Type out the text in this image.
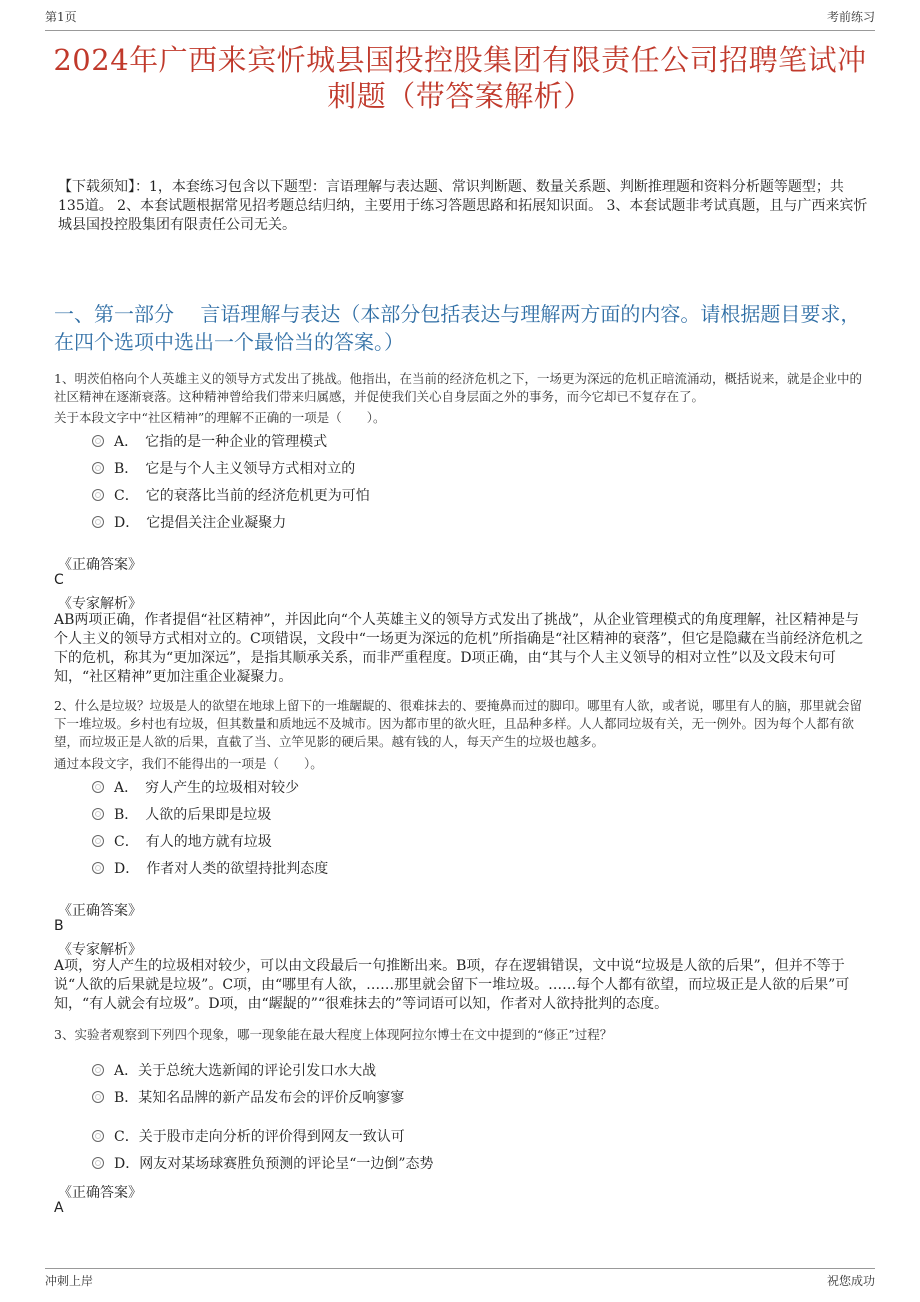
第1页	考前练习
2024年广西来宾忻城县国投控股集团有限责任公司招聘笔试冲刺题（带答案解析）
【下载须知】：1，本套练习包含以下题型：言语理解与表达题、常识判断题、数量关系题、判断推理题和资料分析题等题型；共135道。 2、本套试题根据常见招考题总结归纳，主要用于练习答题思路和拓展知识面。 3、本套试题非考试真题，且与广西来宾忻城县国投控股集团有限责任公司无关。
一、第一部分　 言语理解与表达（本部分包括表达与理解两方面的内容。请根据题目要求，在四个选项中选出一个最恰当的答案。）
1、明茨伯格向个人英雄主义的领导方式发出了挑战。他指出，在当前的经济危机之下，一场更为深远的危机正暗流涌动，概括说来，就是企业中的社区精神在逐渐衰落。这种精神曾给我们带来归属感，并促使我们关心自身层面之外的事务，而今它却已不复存在了。
关于本段文字中“社区精神”的理解不正确的一项是（　　）。
A．　它指的是一种企业的管理模式
B．　它是与个人主义领导方式相对立的
C．　它的衰落比当前的经济危机更为可怕
D．　它提倡关注企业凝聚力
《正确答案》
C
《专家解析》
AB两项正确，作者提倡“社区精神”，并因此向“个人英雄主义的领导方式发出了挑战”，从企业管理模式的角度理解，社区精神是与个人主义的领导方式相对立的。C项错误，文段中“一场更为深远的危机”所指确是“社区精神的衰落”，但它是隐藏在当前经济危机之下的危机，称其为“更加深远”，是指其顺承关系，而非严重程度。D项正确，由“其与个人主义领导的相对立性”以及文段末句可知，“社区精神”更加注重企业凝聚力。
2、什么是垃圾？垃圾是人的欲望在地球上留下的一堆龌龊的、很难抹去的、要掩鼻而过的脚印。哪里有人欲，或者说，哪里有人的脑，那里就会留下一堆垃圾。乡村也有垃圾，但其数量和质地远不及城市。因为都市里的欲火旺，且品种多样。人人都同垃圾有关，无一例外。因为每个人都有欲望，而垃圾正是人欲的后果，直截了当、立竿见影的硬后果。越有钱的人，每天产生的垃圾也越多。
通过本段文字，我们不能得出的一项是（　　）。
A．　穷人产生的垃圾相对较少
B．　人欲的后果即是垃圾
C．　有人的地方就有垃圾
D．　作者对人类的欲望持批判态度
《正确答案》
B
《专家解析》
A项，穷人产生的垃圾相对较少，可以由文段最后一句推断出来。B项，存在逻辑错误，文中说“垃圾是人欲的后果”，但并不等于说“人欲的后果就是垃圾”。C项，由“哪里有人欲，……那里就会留下一堆垃圾。……每个人都有欲望，而垃圾正是人欲的后果”可知，“有人就会有垃圾”。D项，由“龌龊的”“很难抹去的”等词语可以知，作者对人欲持批判的态度。
3、实验者观察到下列四个现象，哪一现象能在最大程度上体现阿拉尔博士在文中提到的“修正”过程？
A．关于总统大选新闻的评论引发口水大战
B．某知名品牌的新产品发布会的评价反响寥寥
C．关于股市走向分析的评价得到网友一致认可
D．网友对某场球赛胜负预测的评论呈“一边倒”态势
《正确答案》
A
冲刺上岸	祝您成功
